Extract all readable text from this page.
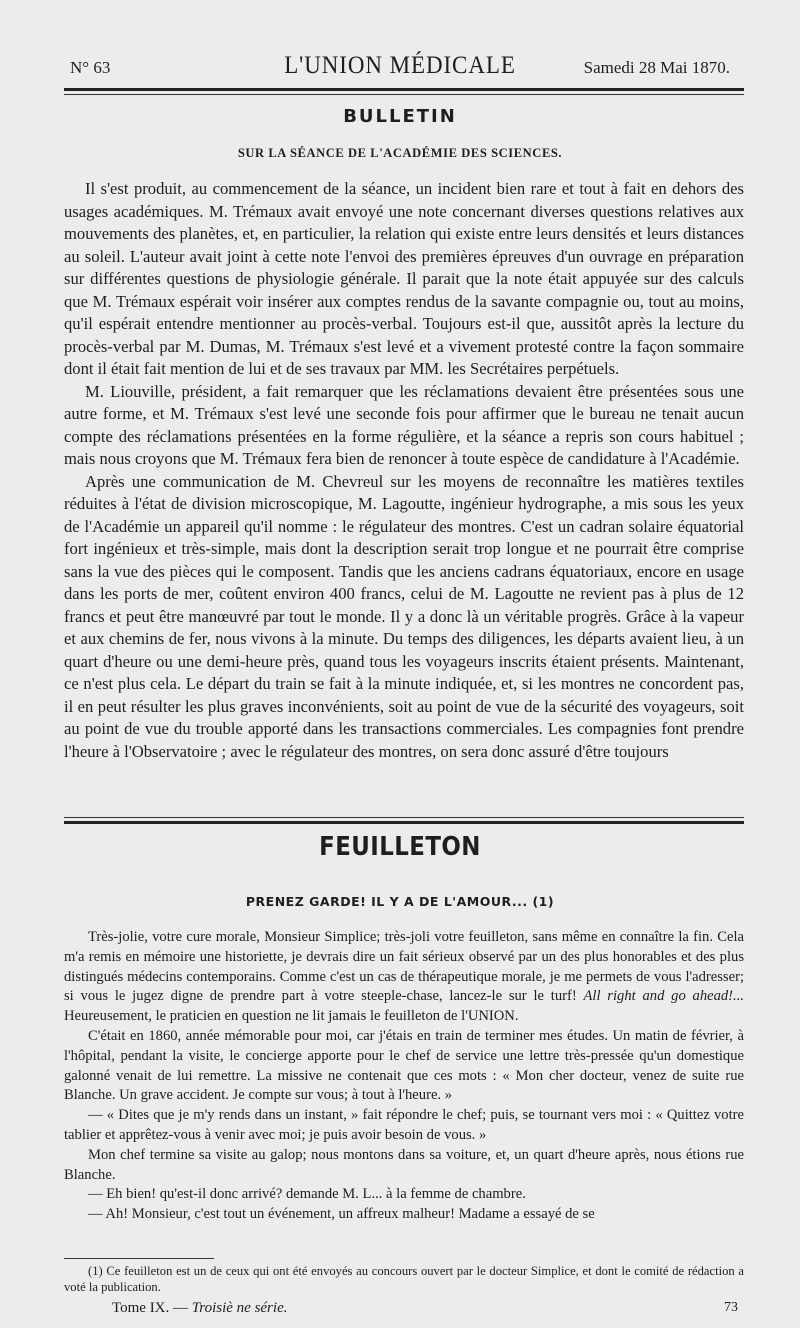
N° 63	L'UNION MÉDICALE	Samedi 28 Mai 1870.
BULLETIN
SUR LA SÉANCE DE L'ACADÉMIE DES SCIENCES.

Il s'est produit, au commencement de la séance, un incident bien rare et tout à fait en dehors des usages académiques. M. Trémaux avait envoyé une note concernant diverses questions relatives aux mouvements des planètes, et, en particulier, la relation qui existe entre leurs densités et leurs distances au soleil. L'auteur avait joint à cette note l'envoi des premières épreuves d'un ouvrage en préparation sur différentes questions de physiologie générale. Il parait que la note était appuyée sur des calculs que M. Trémaux espérait voir insérer aux comptes rendus de la savante compagnie ou, tout au moins, qu'il espérait entendre mentionner au procès-verbal. Toujours est-il que, aussitôt après la lecture du procès-verbal par M. Dumas, M. Trémaux s'est levé et a vivement protesté contre la façon sommaire dont il était fait mention de lui et de ses travaux par MM. les Secrétaires perpétuels.

M. Liouville, président, a fait remarquer que les réclamations devaient être présentées sous une autre forme, et M. Trémaux s'est levé une seconde fois pour affirmer que le bureau ne tenait aucun compte des réclamations présentées en la forme régulière, et la séance a repris son cours habituel ; mais nous croyons que M. Trémaux fera bien de renoncer à toute espèce de candidature à l'Académie.

Après une communication de M. Chevreul sur les moyens de reconnaître les matières textiles réduites à l'état de division microscopique, M. Lagoutte, ingénieur hydrographe, a mis sous les yeux de l'Académie un appareil qu'il nomme : le régulateur des montres. C'est un cadran solaire équatorial fort ingénieux et très-simple, mais dont la description serait trop longue et ne pourrait être comprise sans la vue des pièces qui le composent. Tandis que les anciens cadrans équatoriaux, encore en usage dans les ports de mer, coûtent environ 400 francs, celui de M. Lagoutte ne revient pas à plus de 12 francs et peut être manœuvré par tout le monde. Il y a donc là un véritable progrès. Grâce à la vapeur et aux chemins de fer, nous vivons à la minute. Du temps des diligences, les départs avaient lieu, à un quart d'heure ou une demi-heure près, quand tous les voyageurs inscrits étaient présents. Maintenant, ce n'est plus cela. Le départ du train se fait à la minute indiquée, et, si les montres ne concordent pas, il en peut résulter les plus graves inconvénients, soit au point de vue de la sécurité des voyageurs, soit au point de vue du trouble apporté dans les transactions commerciales. Les compagnies font prendre l'heure à l'Observatoire ; avec le régulateur des montres, on sera donc assuré d'être toujours

FEUILLETON
PRENEZ GARDE! IL Y A DE L'AMOUR... (1)

Très-jolie, votre cure morale, Monsieur Simplice; très-joli votre feuilleton, sans même en connaître la fin. Cela m'a remis en mémoire une historiette, je devrais dire un fait sérieux observé par un des plus honorables et des plus distingués médecins contemporains. Comme c'est un cas de thérapeutique morale, je me permets de vous l'adresser; si vous le jugez digne de prendre part à votre steeple-chase, lancez-le sur le turf! All right and go ahead!... Heureusement, le praticien en question ne lit jamais le feuilleton de l'UNION.

C'était en 1860, année mémorable pour moi, car j'étais en train de terminer mes études. Un matin de février, à l'hôpital, pendant la visite, le concierge apporte pour le chef de service une lettre très-pressée qu'un domestique galonné venait de lui remettre. La missive ne contenait que ces mots : « Mon cher docteur, venez de suite rue Blanche. Un grave accident. Je compte sur vous; à tout à l'heure. »

— « Dites que je m'y rends dans un instant, » fait répondre le chef; puis, se tournant vers moi : « Quittez votre tablier et apprêtez-vous à venir avec moi; je puis avoir besoin de vous. »

Mon chef termine sa visite au galop; nous montons dans sa voiture, et, un quart d'heure après, nous étions rue Blanche.

— Eh bien! qu'est-il donc arrivé? demande M. L... à la femme de chambre.

— Ah! Monsieur, c'est tout un événement, un affreux malheur! Madame a essayé de se

(1) Ce feuilleton est un de ceux qui ont été envoyés au concours ouvert par le docteur Simplice, et dont le comité de rédaction a voté la publication.

Tome IX. — Troisiè ne série.	73
